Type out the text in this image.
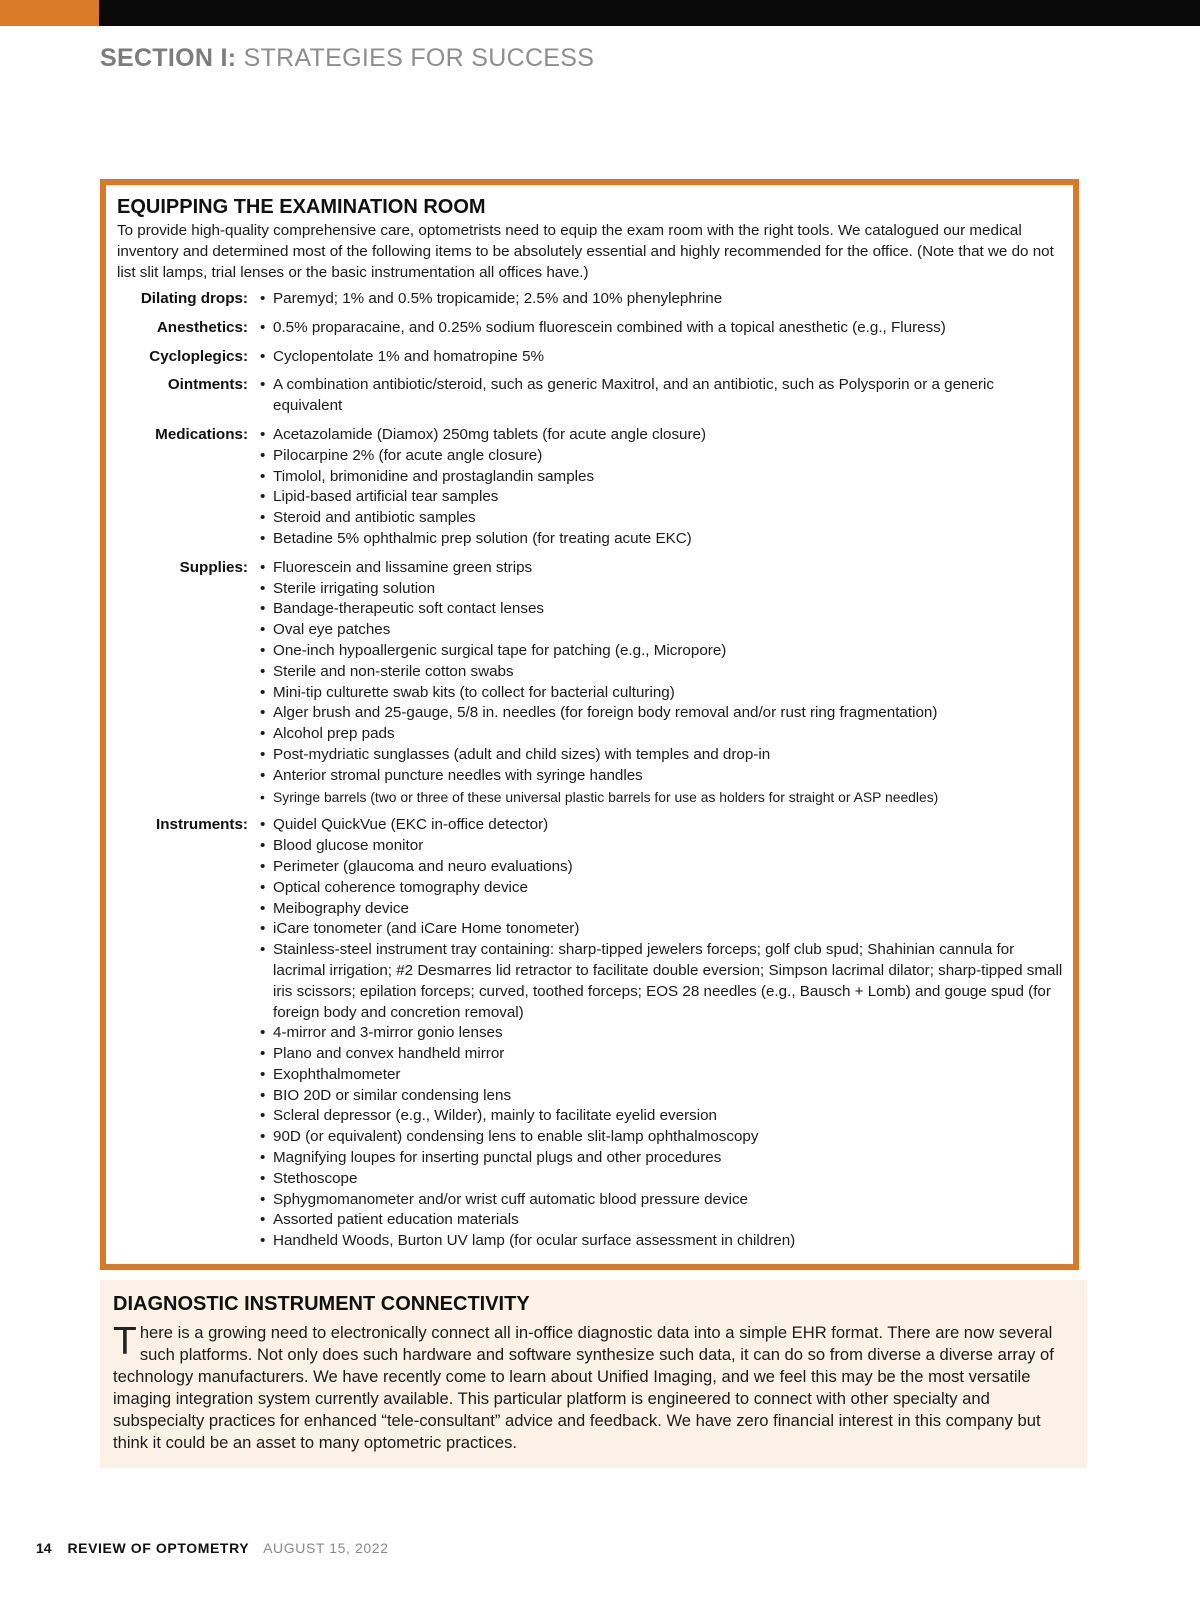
SECTION I: STRATEGIES FOR SUCCESS
EQUIPPING THE EXAMINATION ROOM
To provide high-quality comprehensive care, optometrists need to equip the exam room with the right tools. We catalogued our medical inventory and determined most of the following items to be absolutely essential and highly recommended for the office. (Note that we do not list slit lamps, trial lenses or the basic instrumentation all offices have.)
Dilating drops:	• Paremyd; 1% and 0.5% tropicamide; 2.5% and 10% phenylephrine
Anesthetics:	• 0.5% proparacaine, and 0.25% sodium fluorescein combined with a topical anesthetic (e.g., Fluress)
Cycloplegics:	• Cyclopentolate 1% and homatropine 5%
Ointments:	• A combination antibiotic/steroid, such as generic Maxitrol, and an antibiotic, such as Polysporin or a generic equivalent
Medications:	• Acetazolamide (Diamox) 250mg tablets (for acute angle closure)
• Pilocarpine 2% (for acute angle closure)
• Timolol, brimonidine and prostaglandin samples
• Lipid-based artificial tear samples
• Steroid and antibiotic samples
• Betadine 5% ophthalmic prep solution (for treating acute EKC)
Supplies:	• Fluorescein and lissamine green strips
• Sterile irrigating solution
• Bandage-therapeutic soft contact lenses
• Oval eye patches
• One-inch hypoallergenic surgical tape for patching (e.g., Micropore)
• Sterile and non-sterile cotton swabs
• Mini-tip culturette swab kits (to collect for bacterial culturing)
• Alger brush and 25-gauge, 5/8 in. needles (for foreign body removal and/or rust ring fragmentation)
• Alcohol prep pads
• Post-mydriatic sunglasses (adult and child sizes) with temples and drop-in
• Anterior stromal puncture needles with syringe handles
• Syringe barrels (two or three of these universal plastic barrels for use as holders for straight or ASP needles)
Instruments:	• Quidel QuickVue (EKC in-office detector)
• Blood glucose monitor
• Perimeter (glaucoma and neuro evaluations)
• Optical coherence tomography device
• Meibography device
• iCare tonometer (and iCare Home tonometer)
• Stainless-steel instrument tray containing: sharp-tipped jewelers forceps; golf club spud; Shahinian cannula for lacrimal irrigation; #2 Desmarres lid retractor to facilitate double eversion; Simpson lacrimal dilator; sharp-tipped small iris scissors; epilation forceps; curved, toothed forceps; EOS 28 needles (e.g., Bausch + Lomb) and gouge spud (for foreign body and concretion removal)
• 4-mirror and 3-mirror gonio lenses
• Plano and convex handheld mirror
• Exophthalmometer
• BIO 20D or similar condensing lens
• Scleral depressor (e.g., Wilder), mainly to facilitate eyelid eversion
• 90D (or equivalent) condensing lens to enable slit-lamp ophthalmoscopy
• Magnifying loupes for inserting punctal plugs and other procedures
• Stethoscope
• Sphygmomanometer and/or wrist cuff automatic blood pressure device
• Assorted patient education materials
• Handheld Woods, Burton UV lamp (for ocular surface assessment in children)
DIAGNOSTIC INSTRUMENT CONNECTIVITY

There is a growing need to electronically connect all in-office diagnostic data into a simple EHR format. There are now several such platforms. Not only does such hardware and software synthesize such data, it can do so from diverse a diverse array of technology manufacturers. We have recently come to learn about Unified Imaging, and we feel this may be the most versatile imaging integration system currently available. This particular platform is engineered to connect with other specialty and subspecialty practices for enhanced “tele-consultant” advice and feedback. We have zero financial interest in this company but think it could be an asset to many optometric practices.

14 REVIEW OF OPTOMETRY AUGUST 15, 2022
